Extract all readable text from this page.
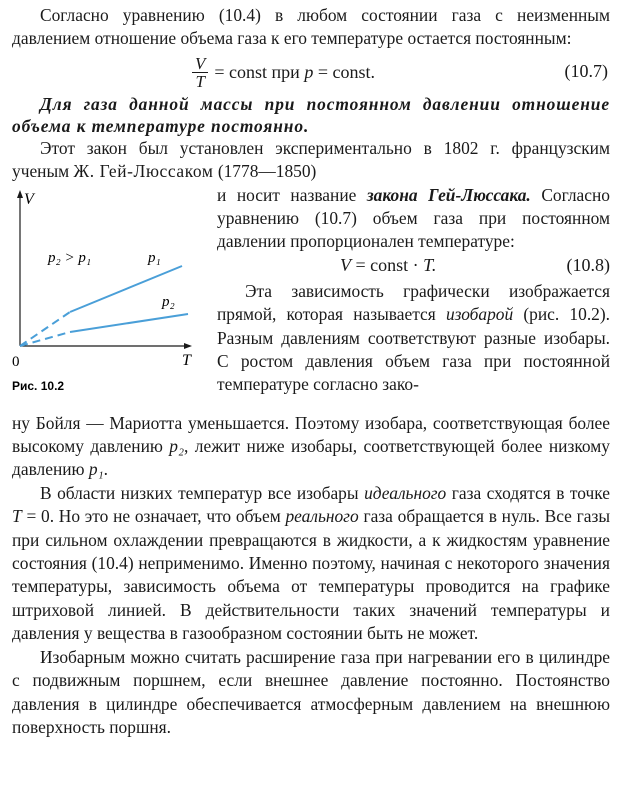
Согласно уравнению (10.4) в любом состоянии газа с неизменным давлением отношение объема газа к его температуре остается постоянным:

$\frac{V}{T}$ = const при
p
= const.	(10.7)

Для газа данной массы при постоянном давлении отношение объема к температуре постоянно.

Этот закон был установлен экспериментально в 1802 г. французским ученым Ж. Гей-Люссаком (1778—1850)

V
T
0
p₂ > p₁	p₁
p₂
Рис. 10.2

и носит название закона Гей-Люссака. Согласно уравнению (10.7) объем газа при постоянном давлении пропорционален температуре:

V = const · T.	(10.8)

Эта зависимость графически изображается прямой, которая называется изобарой (рис. 10.2). Разным давлениям соответствуют разные изобары. С ростом давления объем газа при постоянной температуре согласно зако-

ну Бойля — Мариотта уменьшается. Поэтому изобара, соответствующая более высокому давлению p₂, лежит ниже изобары, соответствующей более низкому давлению p₁.

В области низких температур все изобары идеального газа сходятся в точке T = 0. Но это не означает, что объем реального газа обращается в нуль. Все газы при сильном охлаждении превращаются в жидкости, а к жидкостям уравнение состояния (10.4) неприменимо. Именно поэтому, начиная с некоторого значения температуры, зависимость объема от температуры проводится на графике штриховой линией. В действительности таких значений температуры и давления у вещества в газообразном состоянии быть не может.

Изобарным можно считать расширение газа при нагревании его в цилиндре с подвижным поршнем, если внешнее давление постоянно. Постоянство давления в цилиндре обеспечивается атмосферным давлением на внешнюю поверхность поршня.
